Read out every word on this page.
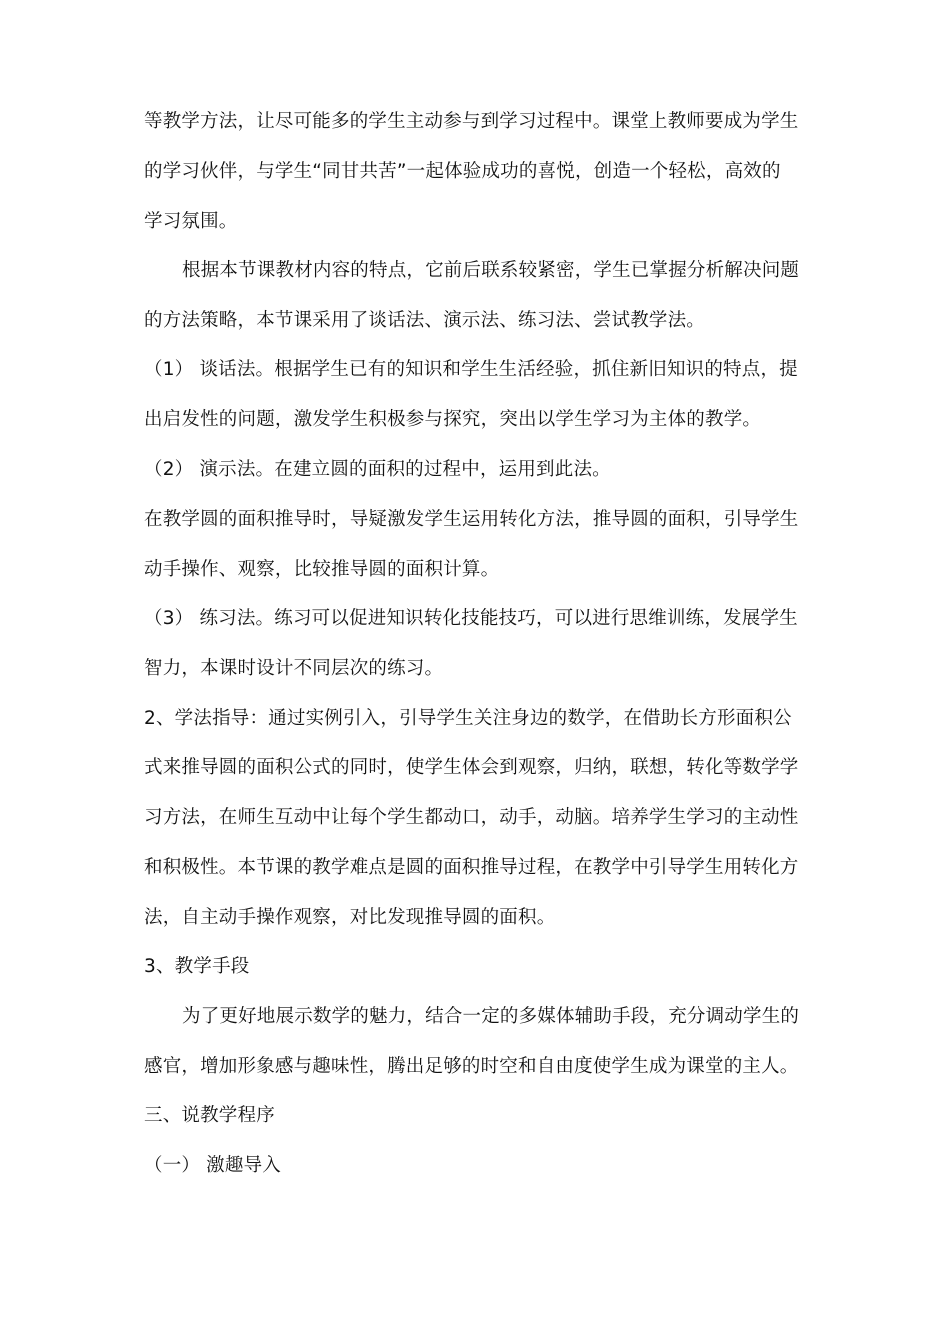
等教学方法，让尽可能多的学生主动参与到学习过程中。课堂上教师要成为学生
的学习伙伴，与学生“同甘共苦”一起体验成功的喜悦，创造一个轻松，高效的
学习氛围。
根据本节课教材内容的特点，它前后联系较紧密，学生已掌握分析解决问题
的方法策略，本节课采用了谈话法、演示法、练习法、尝试教学法。
（1） 谈话法。根据学生已有的知识和学生生活经验，抓住新旧知识的特点，提
出启发性的问题，激发学生积极参与探究，突出以学生学习为主体的教学。
（2） 演示法。在建立圆的面积的过程中，运用到此法。
在教学圆的面积推导时，导疑激发学生运用转化方法，推导圆的面积，引导学生
动手操作、观察，比较推导圆的面积计算。
（3） 练习法。练习可以促进知识转化技能技巧，可以进行思维训练，发展学生
智力，本课时设计不同层次的练习。
2、学法指导：通过实例引入，引导学生关注身边的数学，在借助长方形面积公
式来推导圆的面积公式的同时，使学生体会到观察，归纳，联想，转化等数学学
习方法，在师生互动中让每个学生都动口，动手，动脑。培养学生学习的主动性
和积极性。本节课的教学难点是圆的面积推导过程，在教学中引导学生用转化方
法，自主动手操作观察，对比发现推导圆的面积。
3、教学手段
为了更好地展示数学的魅力，结合一定的多媒体辅助手段，充分调动学生的
感官，增加形象感与趣味性，腾出足够的时空和自由度使学生成为课堂的主人。
三、说教学程序
（一） 激趣导入
